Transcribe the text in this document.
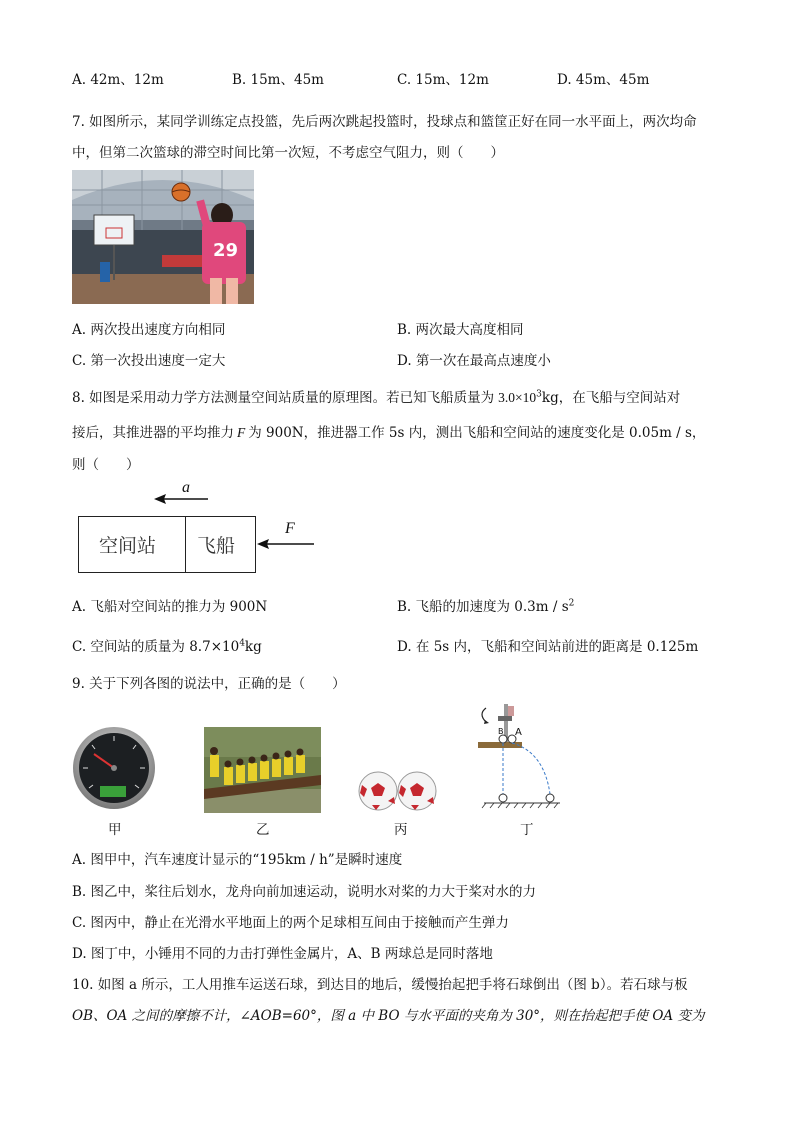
A. 42m、12m	B. 15m、45m	C. 15m、12m	D. 45m、45m
7. 如图所示，某同学训练定点投篮，先后两次跳起投篮时，投球点和篮筐正好在同一水平面上，两次均命
中，但第二次篮球的滞空时间比第一次短，不考虑空气阻力，则（　　）
29
A. 两次投出速度方向相同	B. 两次最大高度相同
C. 第一次投出速度一定大	D. 第一次在最高点速度小
8. 如图是采用动力学方法测量空间站质量的原理图。若已知飞船质量为 $3.0\times 10^3kg$，在飞船与空间站对
接后，其推进器的平均推力 F 为 900N，推进器工作 5s 内，测出飞船和空间站的速度变化是 0.05m / s，
则（　　）
a
空间站 飞船
F
A. 飞船对空间站的推力为 900N	B. 飞船的加速度为 $0.3m / s^2$
C. 空间站的质量为 $8.7\times 10^4kg$	D. 在 5s 内，飞船和空间站前进的距离是 0.125m
9. 关于下列各图的说法中，正确的是（　　）
甲	乙	丙
B A
丁
A. 图甲中，汽车速度计显示的“195km / h”是瞬时速度
B. 图乙中，桨往后划水，龙舟向前加速运动，说明水对桨的力大于桨对水的力
C. 图丙中，静止在光滑水平地面上的两个足球相互间由于接触而产生弹力
D. 图丁中，小锤用不同的力击打弹性金属片，A、B 两球总是同时落地
10. 如图 a 所示，工人用推车运送石球，到达目的地后，缓慢抬起把手将石球倒出（图 b）。若石球与板
OB、OA 之间的摩擦不计，∠AOB=60°，图 a 中 BO 与水平面的夹角为 30°，则在抬起把手使 OA 变为
